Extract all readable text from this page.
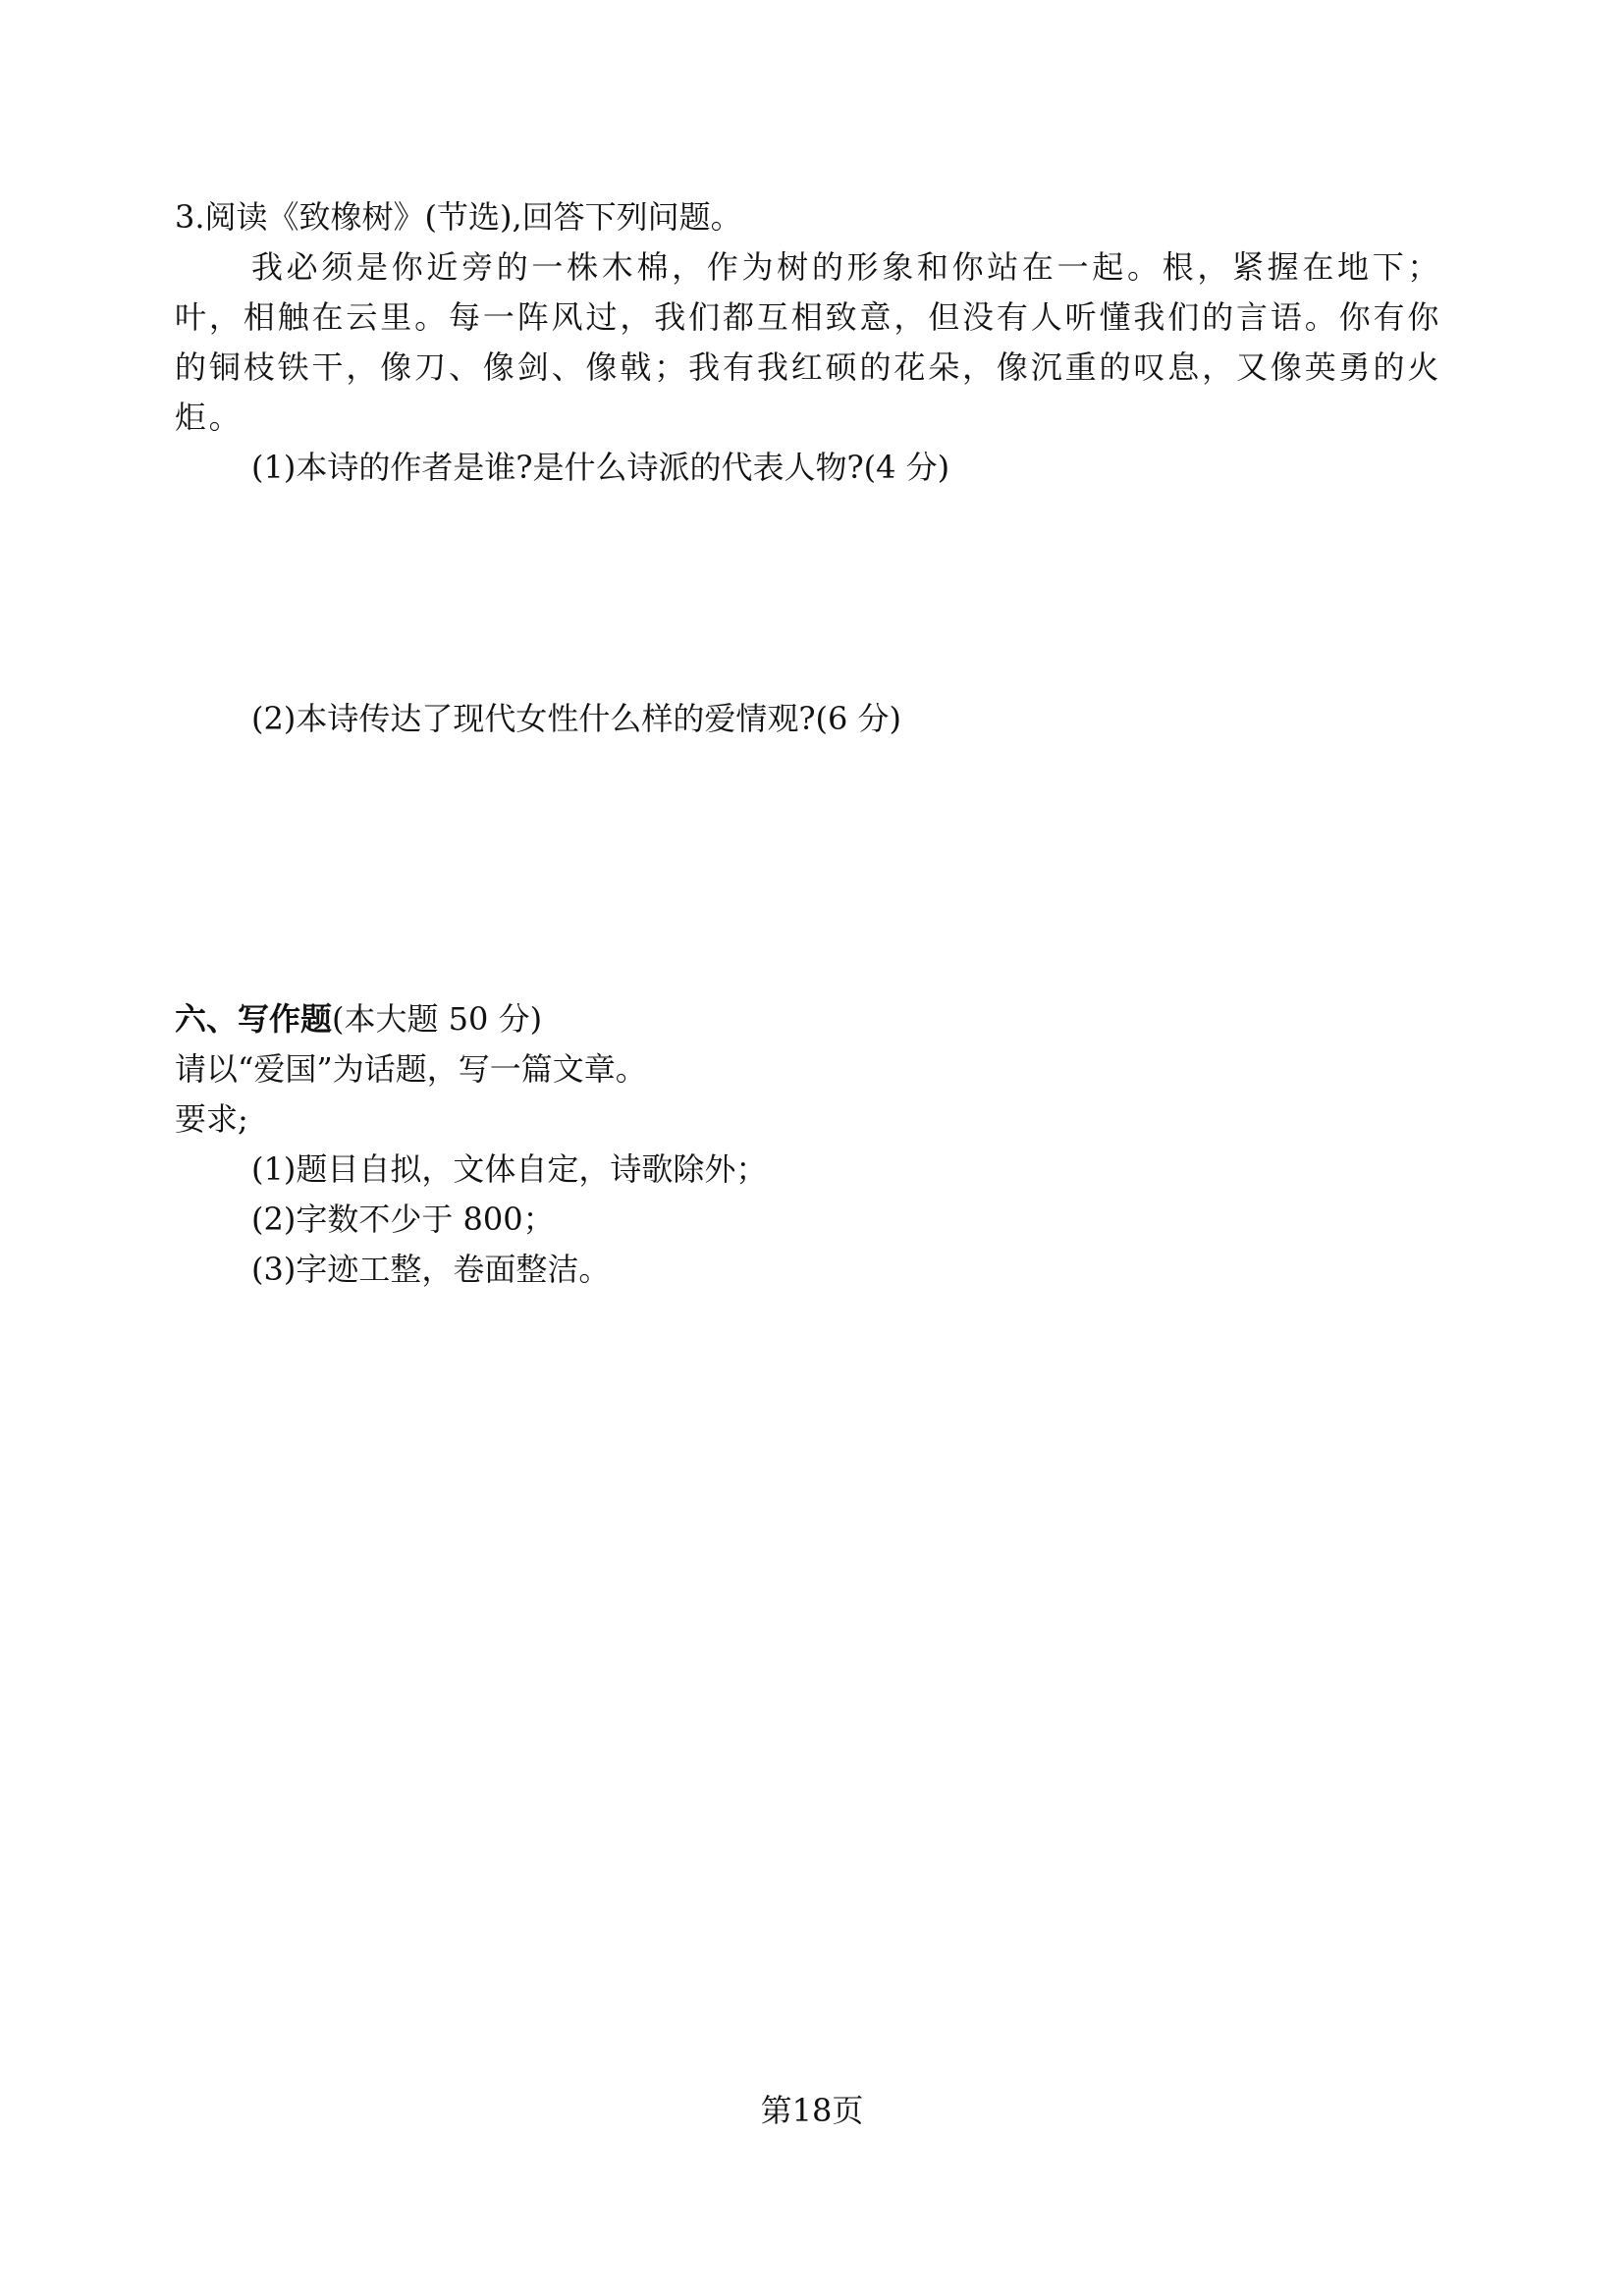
3.阅读《致橡树》(节选),回答下列问题。

我必须是你近旁的一株木棉，作为树的形象和你站在一起。根，紧握在地下；叶，相触在云里。每一阵风过，我们都互相致意，但没有人听懂我们的言语。你有你的铜枝铁干，像刀、像剑、像戟；我有我红硕的花朵，像沉重的叹息，又像英勇的火炬。

(1)本诗的作者是谁?是什么诗派的代表人物?(4 分)

(2)本诗传达了现代女性什么样的爱情观?(6 分)

六、写作题(本大题 50 分)

请以“爱国”为话题，写一篇文章。

要求;

(1)题目自拟，文体自定，诗歌除外；

(2)字数不少于 800；

(3)字迹工整，卷面整洁。

第18页
